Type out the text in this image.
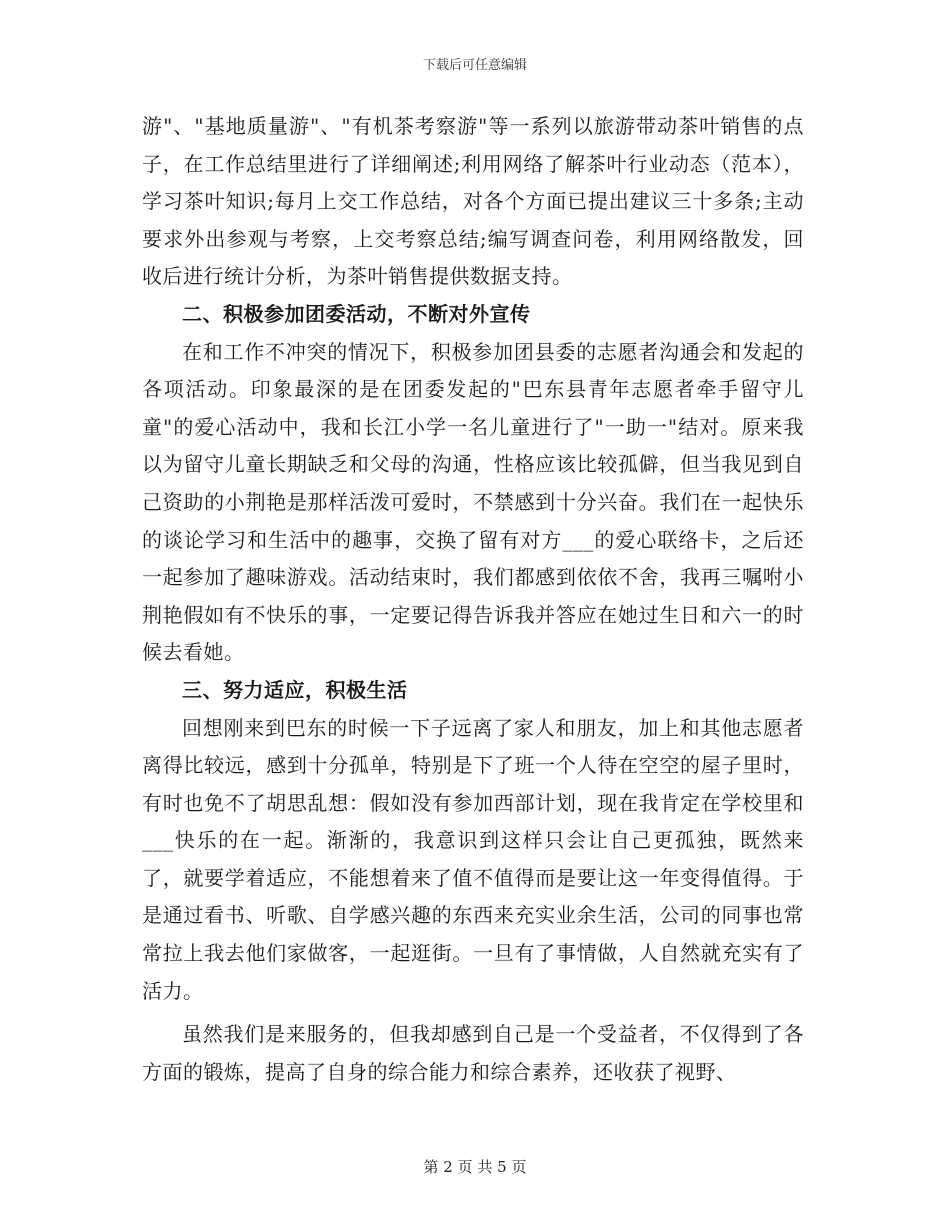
下载后可任意编辑

游"、"基地质量游"、"有机茶考察游"等一系列以旅游带动茶叶销售的点子，在工作总结里进行了详细阐述;利用网络了解茶叶行业动态（范本），学习茶叶知识;每月上交工作总结，对各个方面已提出建议三十多条;主动要求外出参观与考察，上交考察总结;编写调查问卷，利用网络散发，回收后进行统计分析，为茶叶销售提供数据支持。

二、积极参加团委活动，不断对外宣传

在和工作不冲突的情况下，积极参加团县委的志愿者沟通会和发起的各项活动。印象最深的是在团委发起的"巴东县青年志愿者牵手留守儿童"的爱心活动中，我和长江小学一名儿童进行了"一助一"结对。原来我以为留守儿童长期缺乏和父母的沟通，性格应该比较孤僻，但当我见到自己资助的小荆艳是那样活泼可爱时，不禁感到十分兴奋。我们在一起快乐的谈论学习和生活中的趣事，交换了留有对方___的爱心联络卡，之后还一起参加了趣味游戏。活动结束时，我们都感到依依不舍，我再三嘱咐小荆艳假如有不快乐的事，一定要记得告诉我并答应在她过生日和六一的时候去看她。

三、努力适应，积极生活

回想刚来到巴东的时候一下子远离了家人和朋友，加上和其他志愿者离得比较远，感到十分孤单，特别是下了班一个人待在空空的屋子里时，有时也免不了胡思乱想：假如没有参加西部计划，现在我肯定在学校里和___快乐的在一起。渐渐的，我意识到这样只会让自己更孤独，既然来了，就要学着适应，不能想着来了值不值得而是要让这一年变得值得。于是通过看书、听歌、自学感兴趣的东西来充实业余生活，公司的同事也常常拉上我去他们家做客，一起逛街。一旦有了事情做，人自然就充实有了活力。

虽然我们是来服务的，但我却感到自己是一个受益者，不仅得到了各方面的锻炼，提高了自身的综合能力和综合素养，还收获了视野、

第 2 页 共 5 页
